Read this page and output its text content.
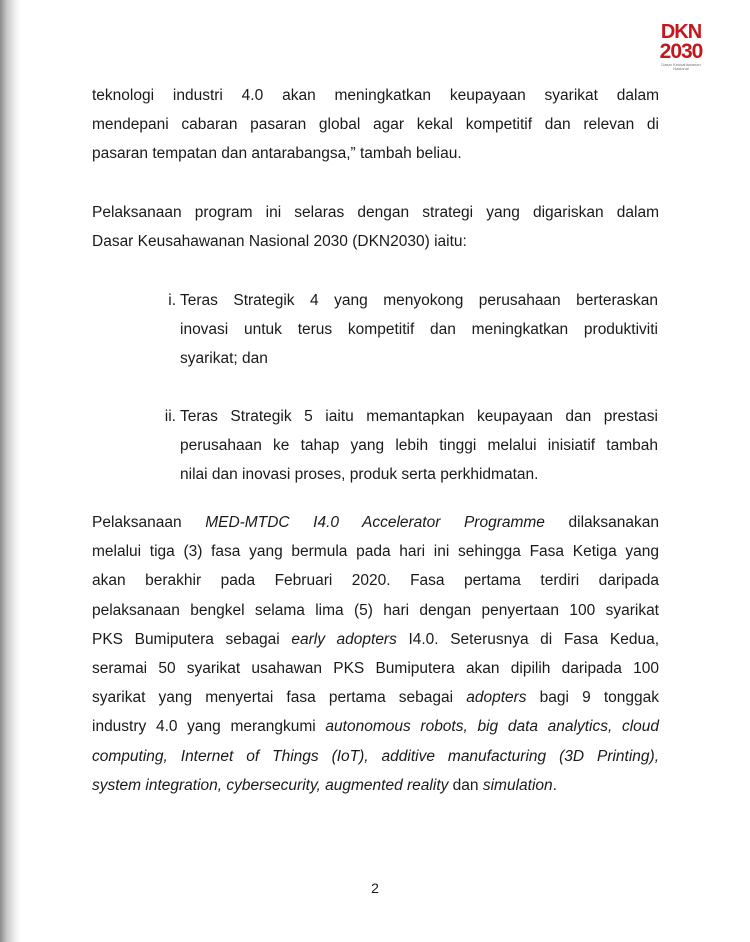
DKN
2030
Dasar Keusahawanan Nasional
teknologi industri 4.0 akan meningkatkan keupayaan syarikat dalam
mendepani cabaran pasaran global agar kekal kompetitif dan relevan di
pasaran tempatan dan antarabangsa,” tambah beliau.
Pelaksanaan program ini selaras dengan strategi yang digariskan dalam
Dasar Keusahawanan Nasional 2030 (DKN2030) iaitu:
i. Teras Strategik 4 yang menyokong perusahaan berteraskan
inovasi untuk terus kompetitif dan meningkatkan produktiviti
syarikat; dan
ii. Teras Strategik 5 iaitu memantapkan keupayaan dan prestasi
perusahaan ke tahap yang lebih tinggi melalui inisiatif tambah
nilai dan inovasi proses, produk serta perkhidmatan.
Pelaksanaan MED-MTDC I4.0 Accelerator Programme dilaksanakan
melalui tiga (3) fasa yang bermula pada hari ini sehingga Fasa Ketiga yang
akan berakhir pada Februari 2020. Fasa pertama terdiri daripada
pelaksanaan bengkel selama lima (5) hari dengan penyertaan 100 syarikat
PKS Bumiputera sebagai early adopters I4.0. Seterusnya di Fasa Kedua,
seramai 50 syarikat usahawan PKS Bumiputera akan dipilih daripada 100
syarikat yang menyertai fasa pertama sebagai adopters bagi 9 tonggak
industry 4.0 yang merangkumi autonomous robots, big data analytics, cloud
computing, Internet of Things (IoT), additive manufacturing (3D Printing),
system integration, cybersecurity, augmented reality dan simulation.
2
